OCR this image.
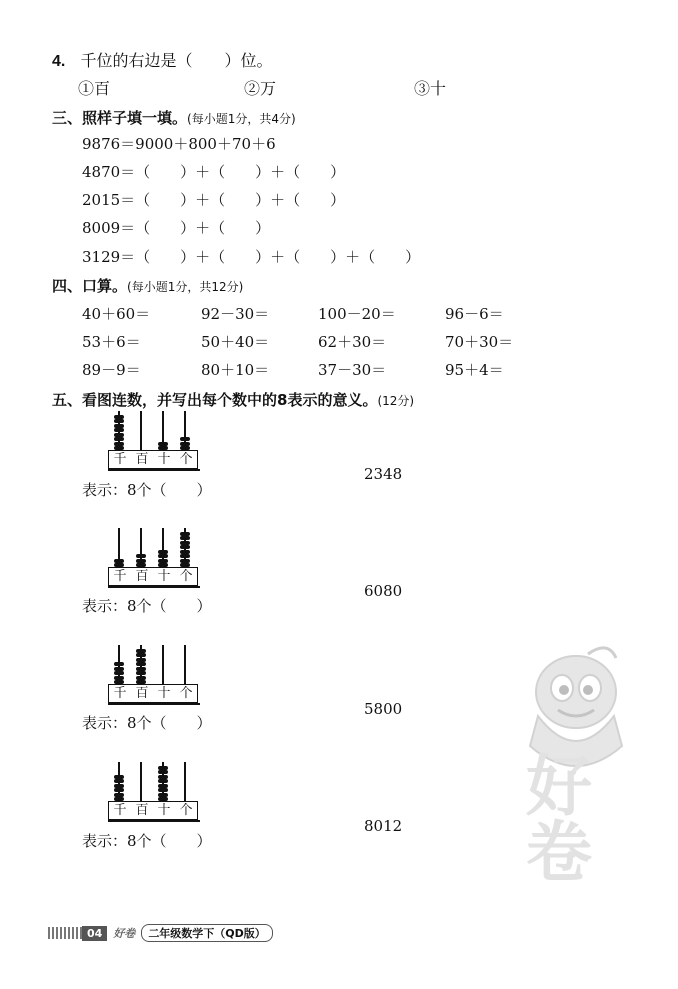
4. 千位的右边是（　　）位。
①百	②万	③十
三、照样子填一填。(每小题1分，共4分)
9876＝9000＋800＋70＋6
4870＝（　　）＋（　　）＋（　　）
2015＝（　　）＋（　　）＋（　　）
8009＝（　　）＋（　　）
3129＝（　　）＋（　　）＋（　　）＋（　　）
四、口算。(每小题1分，共12分)
40＋60＝	92－30＝	100－20＝	96－6＝
53＋6＝	50＋40＝	62＋30＝	70＋30＝
89－9＝	80＋10＝	37－30＝	95＋4＝
五、看图连数，并写出每个数中的8表示的意义。(12分)
千 百 十 个
表示：8个（　　）
2348
千 百 十 个
表示：8个（　　）
6080
千 百 十 个
表示：8个（　　）
5800
千 百 十 个
表示：8个（　　）
8012
好卷
04	好卷	二年级数学下（QD版）
